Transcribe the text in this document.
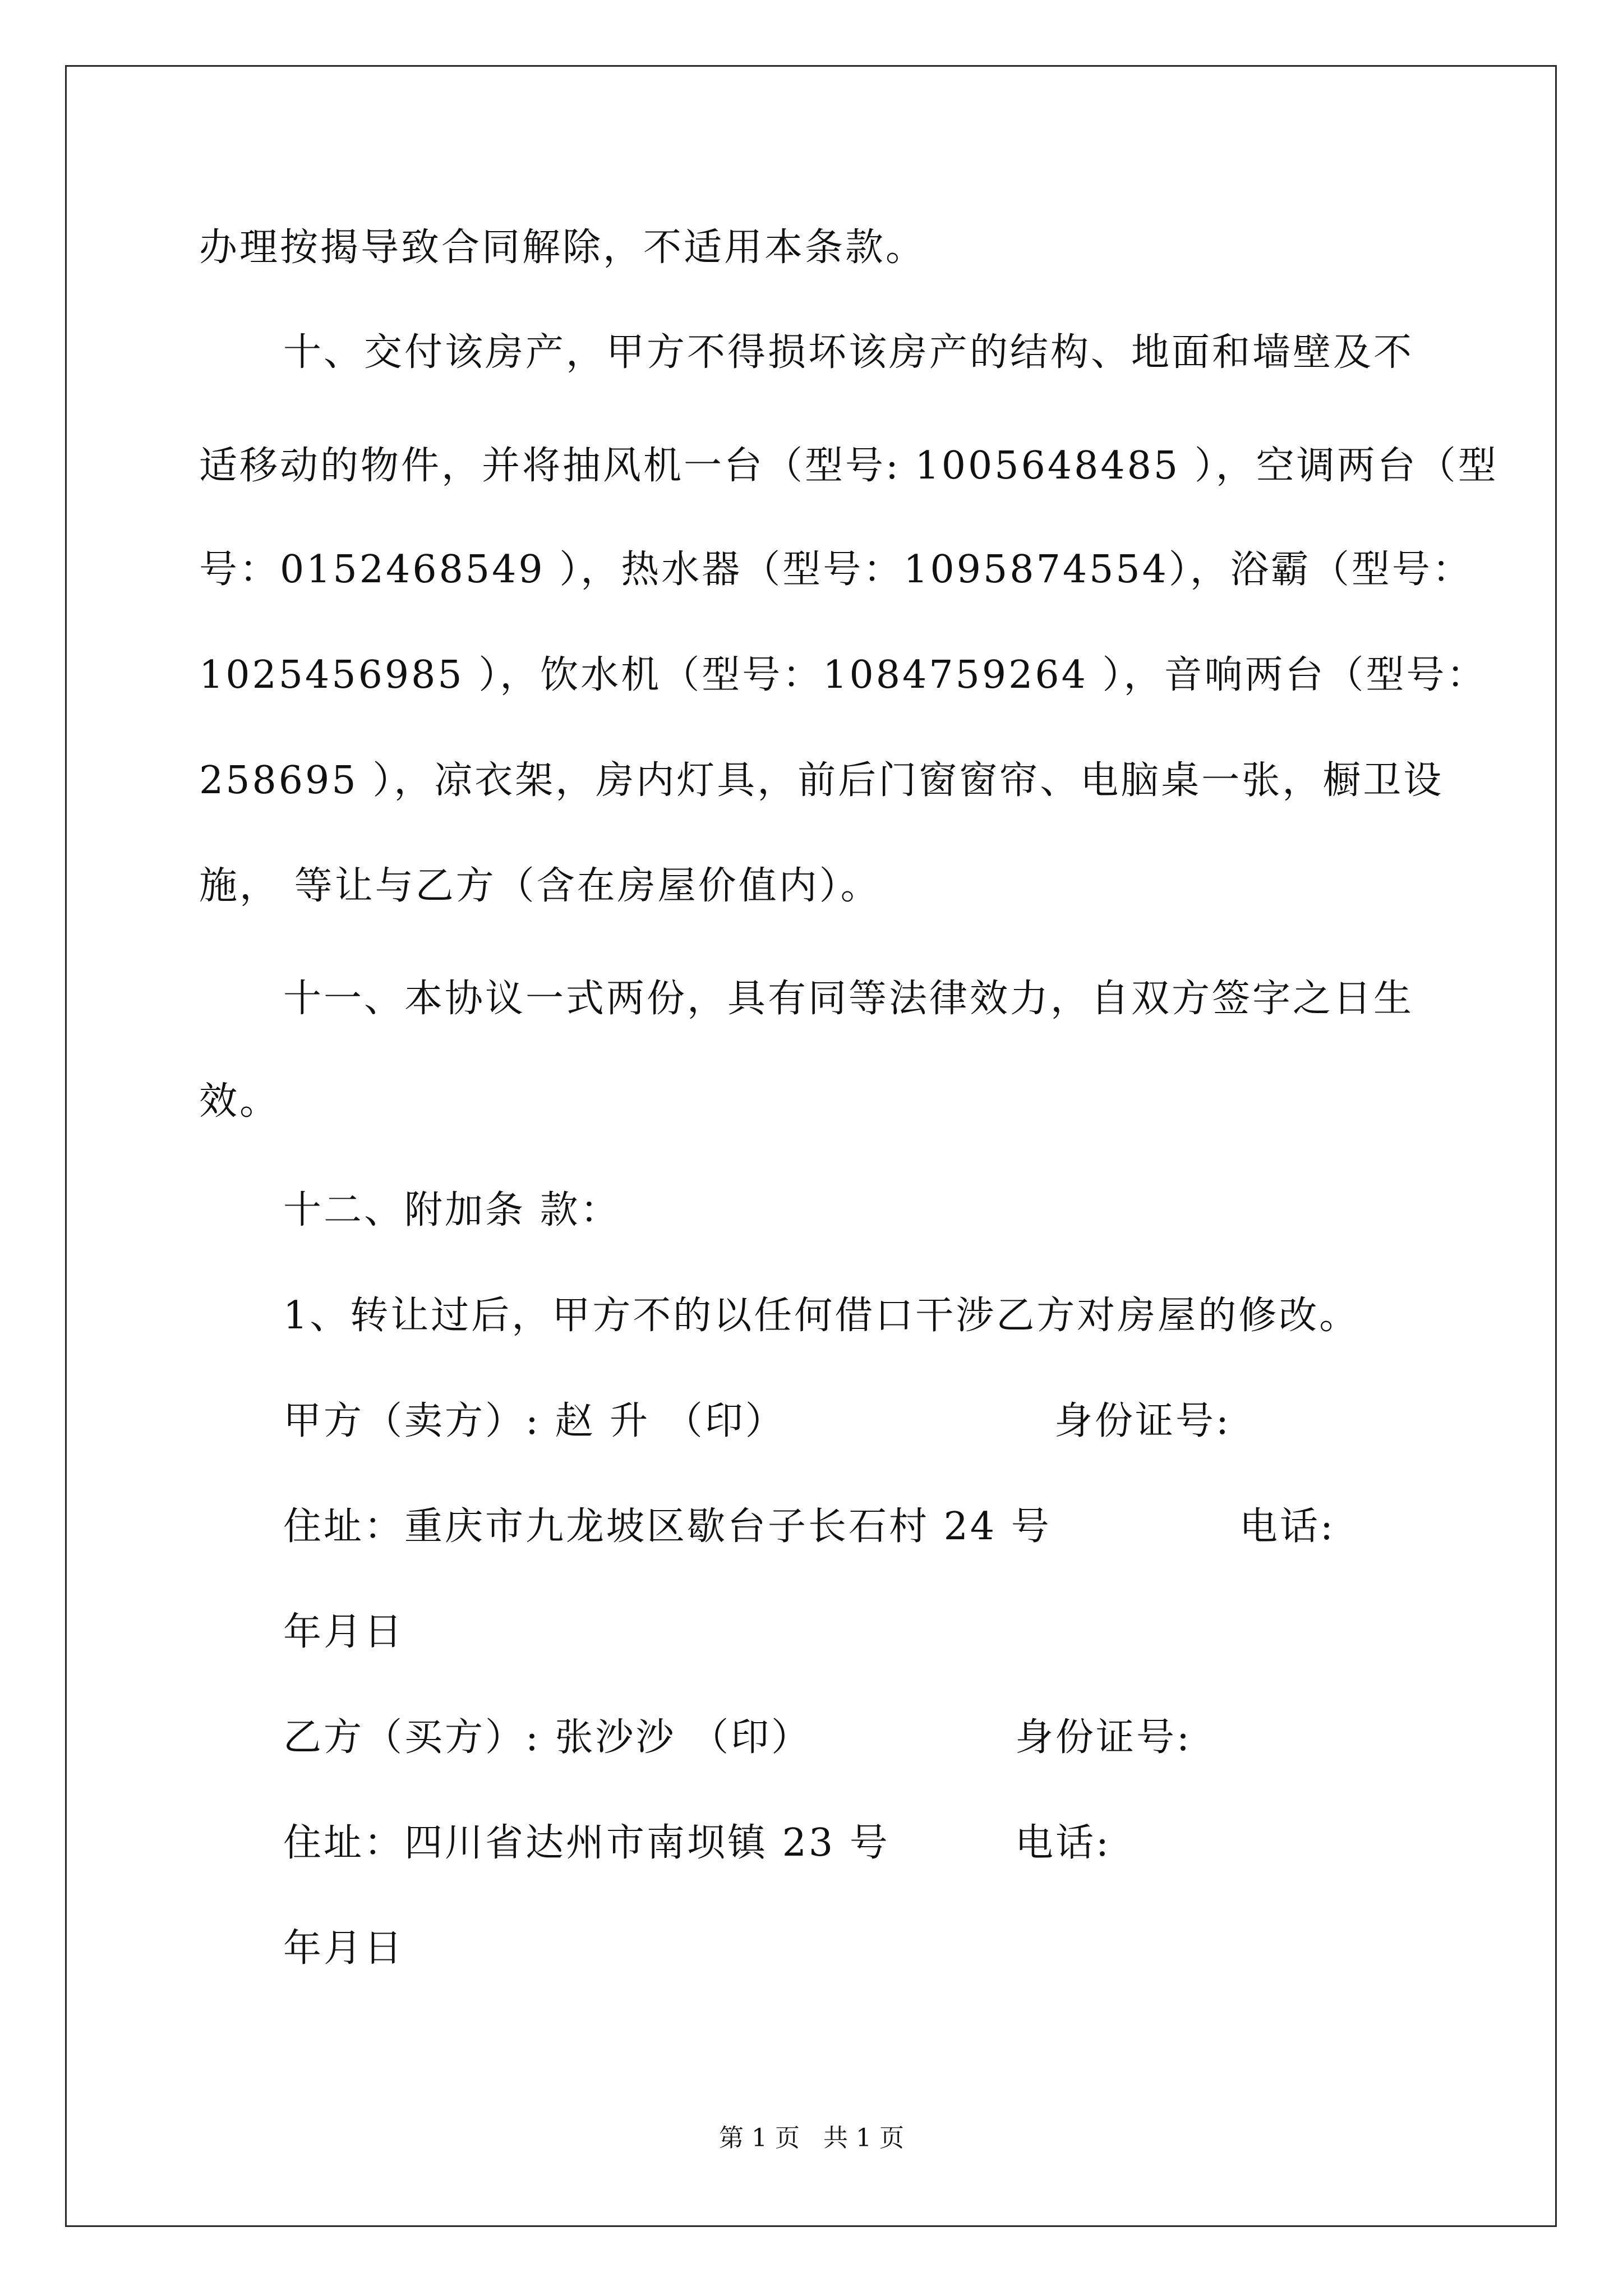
办理按揭导致合同解除，不适用本条款。
十、交付该房产，甲方不得损坏该房产的结构、地面和墙壁及不
适移动的物件，并将抽风机一台（型号: 1005648485 ），空调两台（型
号：0152468549 ），热水器（型号：1095874554），浴霸（型号：
1025456985 ），饮水机（型号：1084759264 ），音响两台（型号：
258695 ），凉衣架，房内灯具，前后门窗窗帘、电脑桌一张，橱卫设
施， 等让与乙方（含在房屋价值内）。
十一、本协议一式两份，具有同等法律效力，自双方签字之日生
效。
十二、附加条 款：
1、转让过后，甲方不的以任何借口干涉乙方对房屋的修改。
甲方（卖方）: 赵 升 （印）	身份证号:
住址：重庆市九龙坡区歇台子长石村 24 号	电话:
年月日
乙方（买方）: 张沙沙 （印）	身份证号:
住址：四川省达州市南坝镇 23 号	电话:
年月日
第 1 页   共 1 页
